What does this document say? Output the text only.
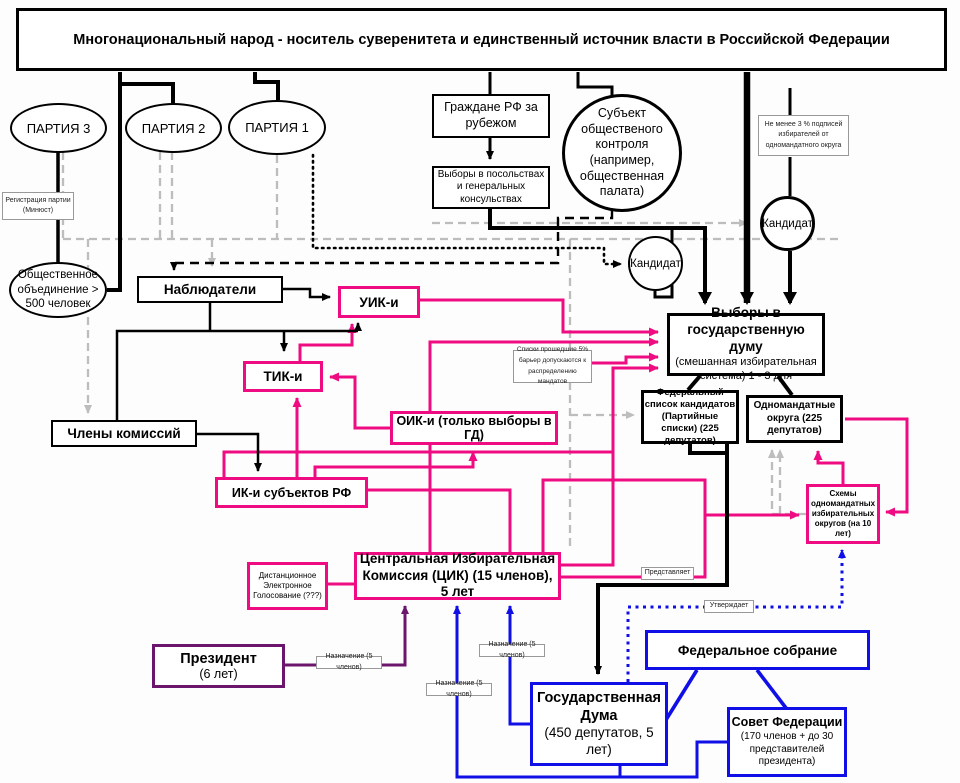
Многонациональный народ - носитель суверенитета и единственный источник власти в Российской Федерации
ПАРТИЯ 3	ПАРТИЯ 2	ПАРТИЯ 1
Граждане РФ за рубежом
Выборы в посольствах и генеральных консульствах
Субъект общественого контроля (например, общественная палата)
Не менее 3 % подписей избирателей от одномандатного округа
Кандидат
Кандидат
Регистрация партии (Минюст)
Общественное объединение > 500 человек
Наблюдатели
УИК-и
ТИК-и
Члены комиссий
ОИК-и (только выборы в ГД)
ИК-и субъектов РФ
Выборы в государственную думу
(смешанная избирательная система) 1 - 3 дня
Списки прошедшие 5% барьер допускаются к распределению мандатов
Федеральный список кандидатов (Партийные списки) (225 депутатов)
Одномандатные округа (225 депутатов)
Схемы одномандатных избирательных округов (на 10 лет)
Центральная Избирательная Комиссия (ЦИК) (15 членов), 5 лет
Дистанционное Электронное Голосование (???)
Президент
(6 лет)
Назначение (5 членов)
Назначение (5 членов)
Назначение (5 членов)
Представляет
Утверждает
Федеральное собрание
Государственная Дума
(450 депутатов, 5 лет)
Совет Федерации
(170 членов + до 30 представителей президента)
